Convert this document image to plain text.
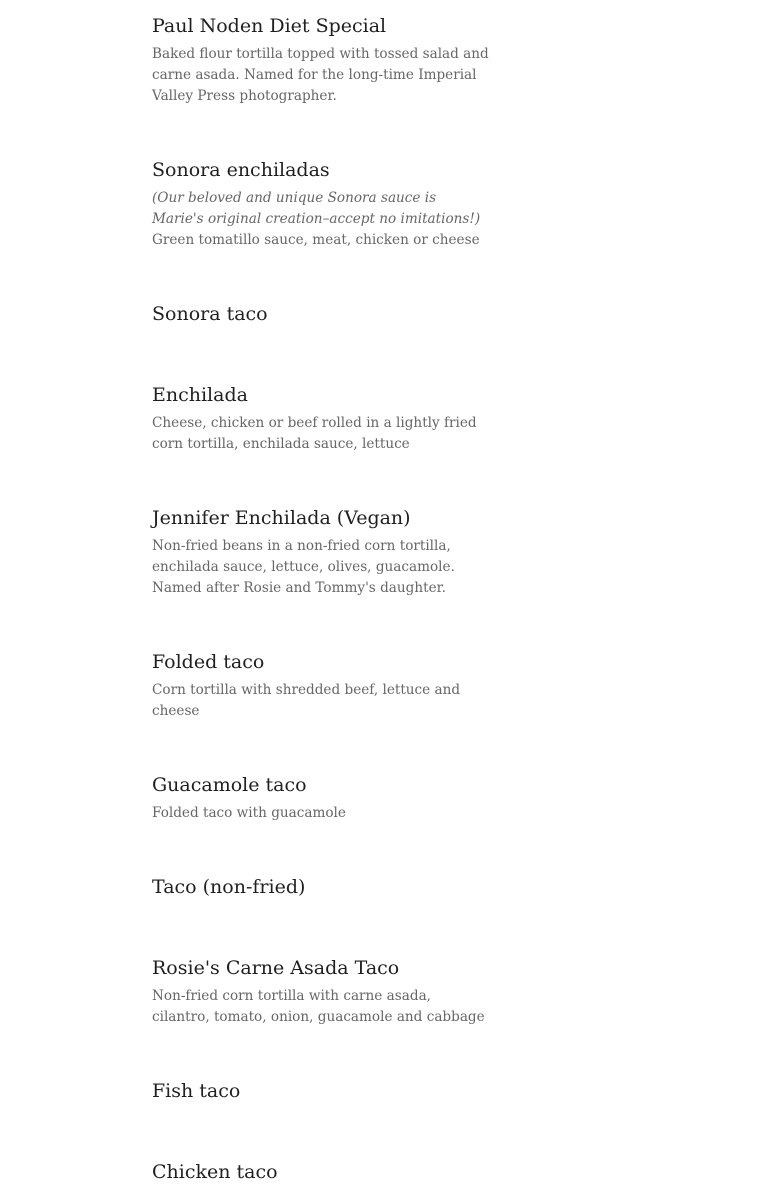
Paul Noden Diet Special
Baked flour tortilla topped with tossed salad and carne asada. Named for the long-time Imperial Valley Press photographer.
Sonora enchiladas
(Our beloved and unique Sonora sauce is Marie's original creation–accept no imitations!)
Green tomatillo sauce, meat, chicken or cheese
Sonora taco
Enchilada
Cheese, chicken or beef rolled in a lightly fried corn tortilla, enchilada sauce, lettuce
Jennifer Enchilada (Vegan)
Non-fried beans in a non-fried corn tortilla, enchilada sauce, lettuce, olives, guacamole. Named after Rosie and Tommy's daughter.
Folded taco
Corn tortilla with shredded beef, lettuce and cheese
Guacamole taco
Folded taco with guacamole
Taco (non-fried)
Rosie's Carne Asada Taco
Non-fried corn tortilla with carne asada, cilantro, tomato, onion, guacamole and cabbage
Fish taco
Chicken taco
